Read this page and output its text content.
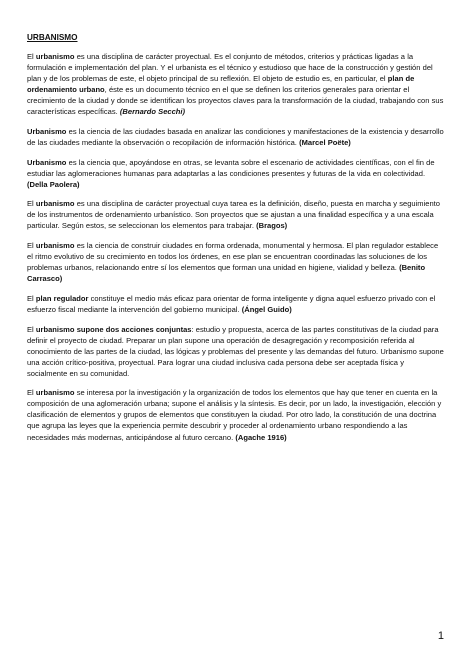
URBANISMO

El urbanismo es una disciplina de carácter proyectual. Es el conjunto de métodos, criterios y prácticas ligadas a la formulación e implementación del plan. Y el urbanista es el técnico y estudioso que hace de la construcción y gestión del plan y de los problemas de este, el objeto principal de su reflexión. El objeto de estudio es, en particular, el plan de ordenamiento urbano, éste es un documento técnico en el que se definen los criterios generales para orientar el crecimiento de la ciudad y donde se identifican los proyectos claves para la transformación de la ciudad, trabajando con sus características específicas. (Bernardo Secchi)

Urbanismo es la ciencia de las ciudades basada en analizar las condiciones y manifestaciones de la existencia y desarrollo de las ciudades mediante la observación o recopilación de información histórica. (Marcel Poëte)

Urbanismo es la ciencia que, apoyándose en otras, se levanta sobre el escenario de actividades científicas, con el fin de estudiar las aglomeraciones humanas para adaptarlas a las condiciones presentes y futuras de la vida en colectividad. (Della Paolera)

El urbanismo es una disciplina de carácter proyectual cuya tarea es la definición, diseño, puesta en marcha y seguimiento de los instrumentos de ordenamiento urbanístico. Son proyectos que se ajustan a una finalidad específica y a una escala particular. Según estos, se seleccionan los elementos para trabajar. (Bragos)

El urbanismo es la ciencia de construir ciudades en forma ordenada, monumental y hermosa. El plan regulador establece el ritmo evolutivo de su crecimiento en todos los órdenes, en ese plan se encuentran coordinadas las soluciones de los problemas urbanos, relacionando entre sí los elementos que forman una unidad en higiene, vialidad y belleza. (Benito Carrasco)

El plan regulador constituye el medio más eficaz para orientar de forma inteligente y digna aquel esfuerzo privado con el esfuerzo fiscal mediante la intervención del gobierno municipal. (Ángel Guido)

El urbanismo supone dos acciones conjuntas: estudio y propuesta, acerca de las partes constitutivas de la ciudad para definir el proyecto de ciudad. Preparar un plan supone una operación de desagregación y recomposición referida al conocimiento de las partes de la ciudad, las lógicas y problemas del presente y las demandas del futuro. Urbanismo supone una acción crítico-positiva, proyectual. Para lograr una ciudad inclusiva cada persona debe ser aceptada física y socialmente en su comunidad.

El urbanismo se interesa por la investigación y la organización de todos los elementos que hay que tener en cuenta en la composición de una aglomeración urbana; supone el análisis y la síntesis. Es decir, por un lado, la investigación, elección y clasificación de elementos y grupos de elementos que constituyen la ciudad. Por otro lado, la constitución de una doctrina que agrupa las leyes que la experiencia permite descubrir y proceder al ordenamiento urbano respondiendo a las necesidades más modernas, anticipándose al futuro cercano. (Agache 1916)

1
